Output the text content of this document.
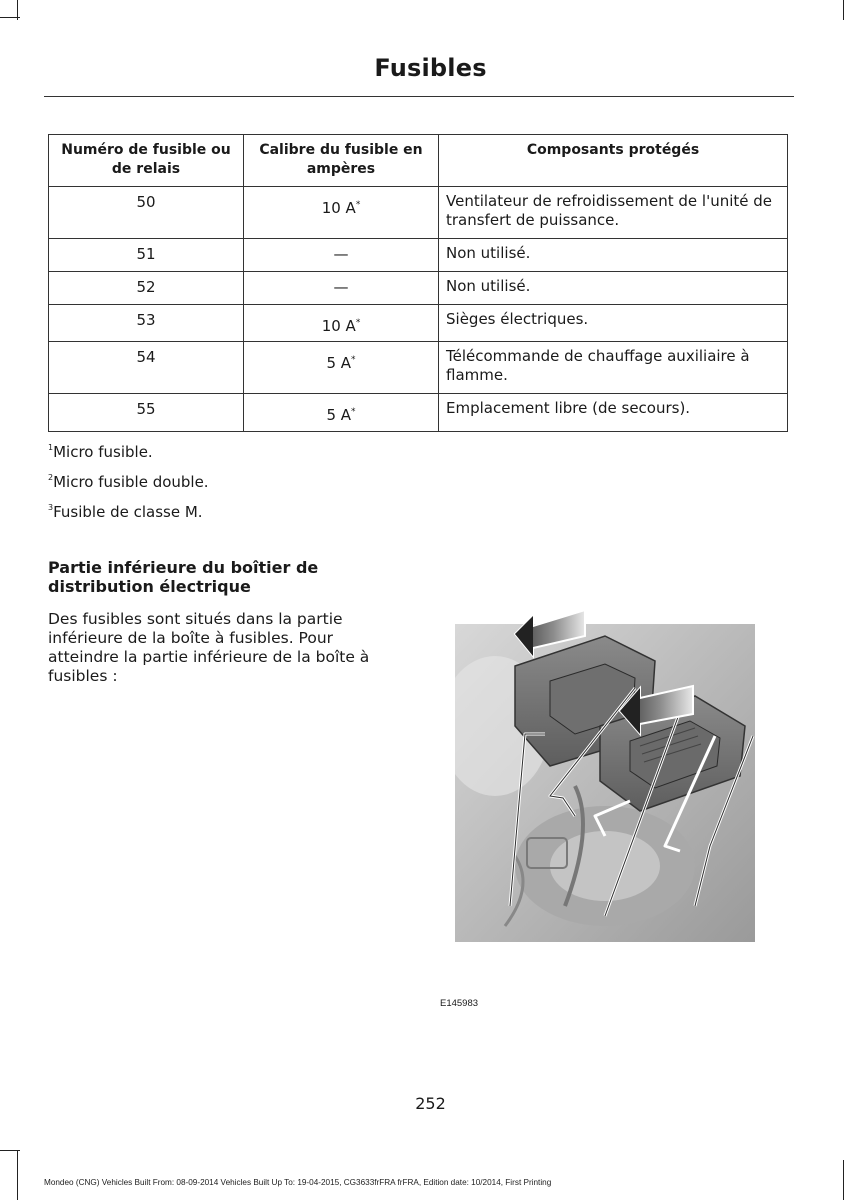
Fusibles
Numéro de fusible ou de relais	Calibre du fusible en ampères	Composants protégés
50	10 A*	Ventilateur de refroidissement de l'unité de transfert de puissance.
51	—	Non utilisé.
52	—	Non utilisé.
53	10 A*	Sièges électriques.
54	5 A*	Télécommande de chauffage auxiliaire à flamme.
55	5 A*	Emplacement libre (de secours).
$^1$Micro fusible.
$^2$Micro fusible double.
$^3$Fusible de classe M.
Partie inférieure du boîtier de distribution électrique
Des fusibles sont situés dans la partie inférieure de la boîte à fusibles. Pour atteindre la partie inférieure de la boîte à fusibles :
E145983
252
Mondeo (CNG) Vehicles Built From: 08-09-2014 Vehicles Built Up To: 19-04-2015, CG3633frFRA frFRA, Edition date: 10/2014, First Printing
